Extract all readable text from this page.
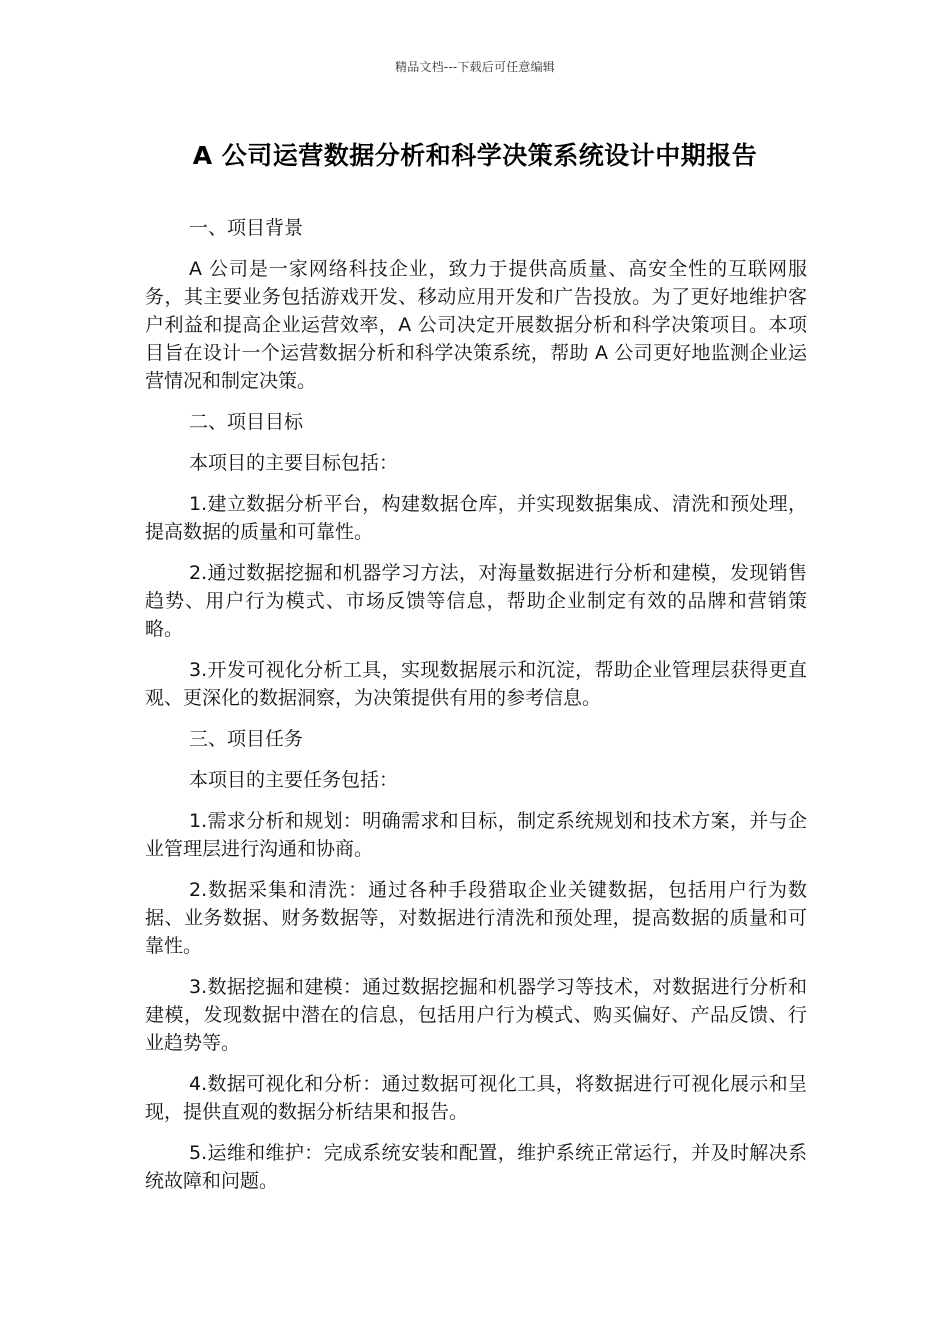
精品文档---下载后可任意编辑
A 公司运营数据分析和科学决策系统设计中期报告

一、项目背景

A 公司是一家网络科技企业，致力于提供高质量、高安全性的互联网服务，其主要业务包括游戏开发、移动应用开发和广告投放。为了更好地维护客户利益和提高企业运营效率，A 公司决定开展数据分析和科学决策项目。本项目旨在设计一个运营数据分析和科学决策系统，帮助 A 公司更好地监测企业运营情况和制定决策。

二、项目目标

本项目的主要目标包括：

1.建立数据分析平台，构建数据仓库，并实现数据集成、清洗和预处理，提高数据的质量和可靠性。

2.通过数据挖掘和机器学习方法，对海量数据进行分析和建模，发现销售趋势、用户行为模式、市场反馈等信息，帮助企业制定有效的品牌和营销策略。

3.开发可视化分析工具，实现数据展示和沉淀，帮助企业管理层获得更直观、更深化的数据洞察，为决策提供有用的参考信息。

三、项目任务

本项目的主要任务包括：

1.需求分析和规划：明确需求和目标，制定系统规划和技术方案，并与企业管理层进行沟通和协商。

2.数据采集和清洗：通过各种手段猎取企业关键数据，包括用户行为数据、业务数据、财务数据等，对数据进行清洗和预处理，提高数据的质量和可靠性。

3.数据挖掘和建模：通过数据挖掘和机器学习等技术，对数据进行分析和建模，发现数据中潜在的信息，包括用户行为模式、购买偏好、产品反馈、行业趋势等。

4.数据可视化和分析：通过数据可视化工具，将数据进行可视化展示和呈现，提供直观的数据分析结果和报告。

5.运维和维护：完成系统安装和配置，维护系统正常运行，并及时解决系统故障和问题。
